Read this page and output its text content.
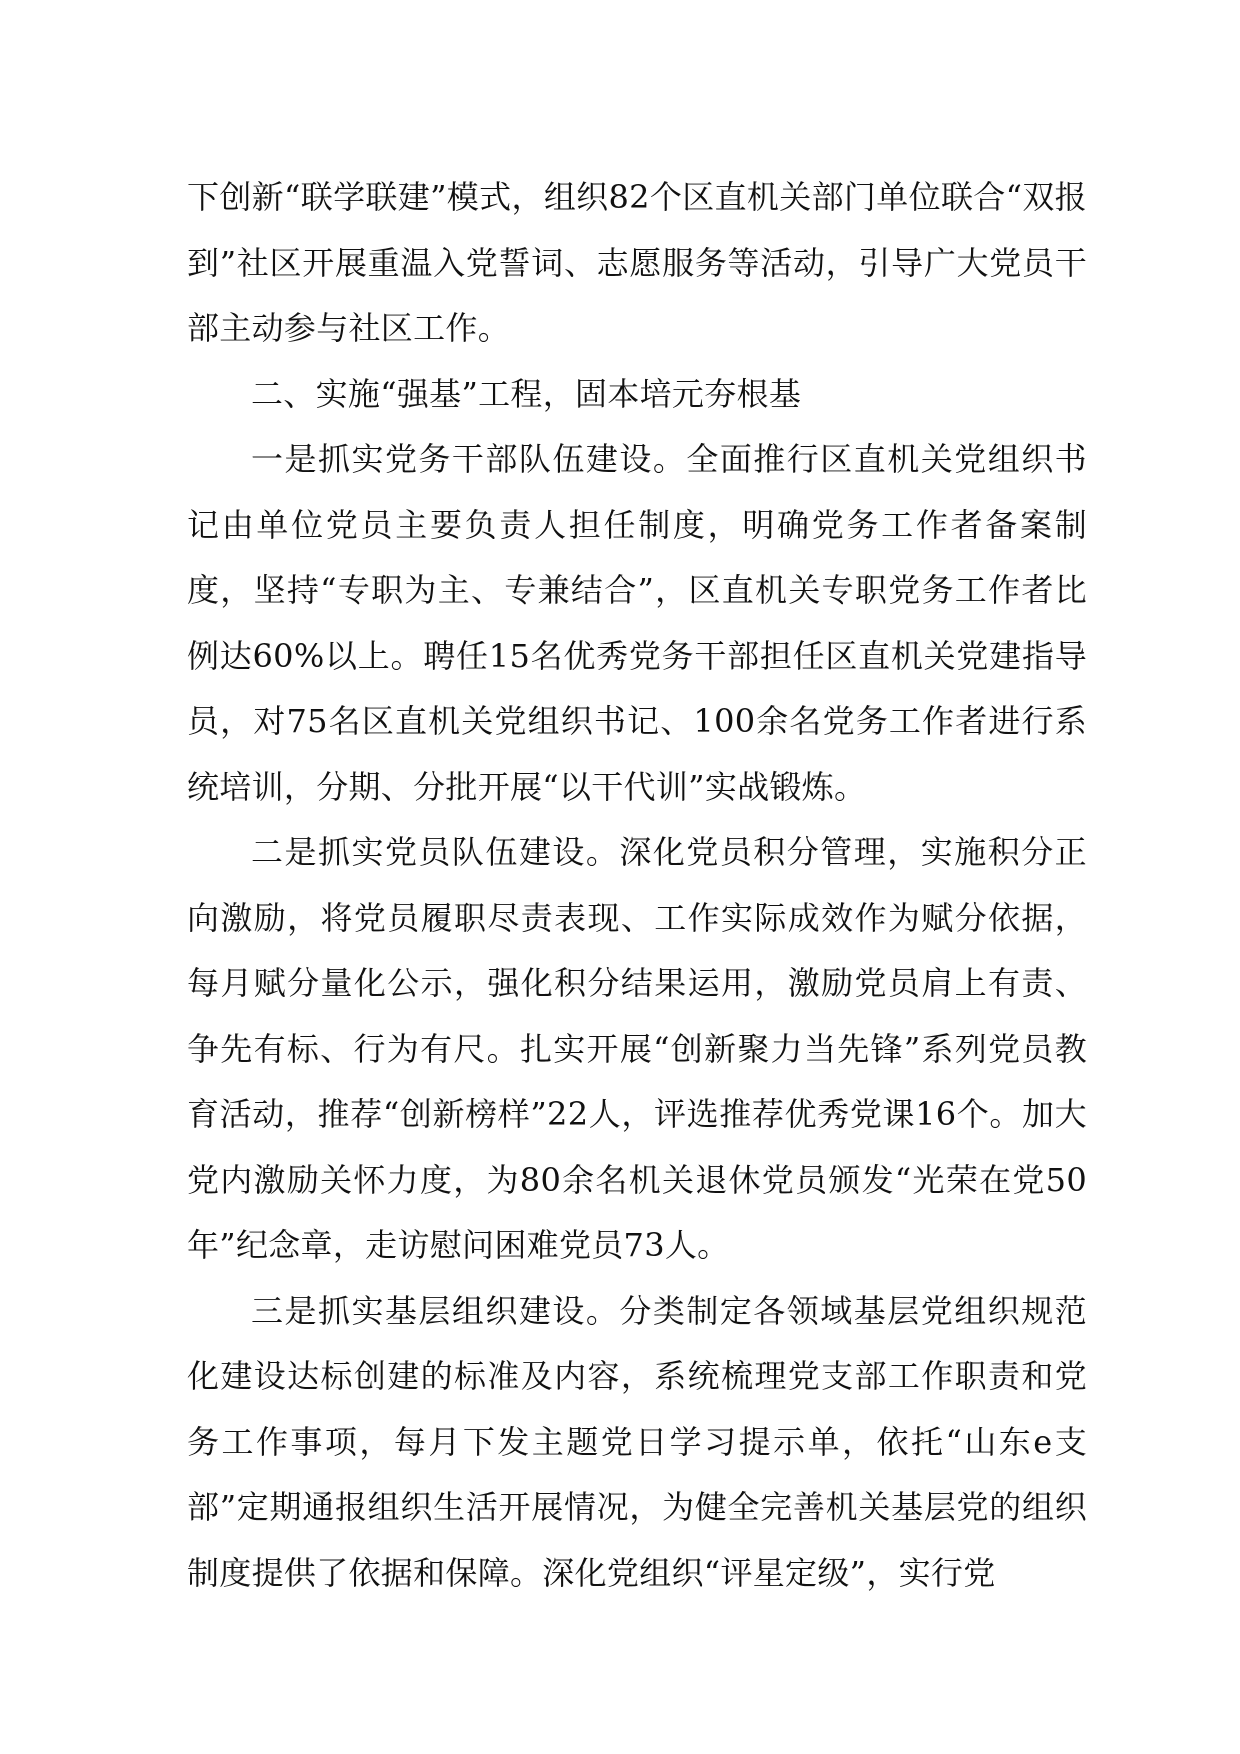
下创新“联学联建”模式，组织82个区直机关部门单位联合“双报到”社区开展重温入党誓词、志愿服务等活动，引导广大党员干部主动参与社区工作。

二、实施“强基”工程，固本培元夯根基

一是抓实党务干部队伍建设。全面推行区直机关党组织书记由单位党员主要负责人担任制度，明确党务工作者备案制度，坚持“专职为主、专兼结合”，区直机关专职党务工作者比例达60%以上。聘任15名优秀党务干部担任区直机关党建指导员，对75名区直机关党组织书记、100余名党务工作者进行系统培训，分期、分批开展“以干代训”实战锻炼。

二是抓实党员队伍建设。深化党员积分管理，实施积分正向激励，将党员履职尽责表现、工作实际成效作为赋分依据，每月赋分量化公示，强化积分结果运用，激励党员肩上有责、争先有标、行为有尺。扎实开展“创新聚力当先锋”系列党员教育活动，推荐“创新榜样”22人，评选推荐优秀党课16个。加大党内激励关怀力度，为80余名机关退休党员颁发“光荣在党50年”纪念章，走访慰问困难党员73人。

三是抓实基层组织建设。分类制定各领域基层党组织规范化建设达标创建的标准及内容，系统梳理党支部工作职责和党务工作事项，每月下发主题党日学习提示单，依托“山东e支部”定期通报组织生活开展情况，为健全完善机关基层党的组织制度提供了依据和保障。深化党组织“评星定级”，实行党
